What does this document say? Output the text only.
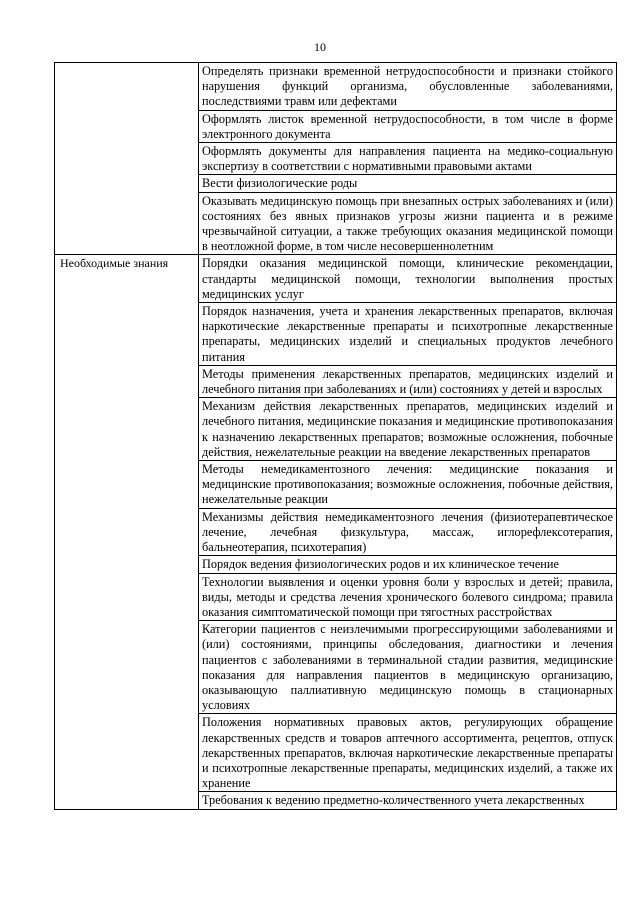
10

	Определять признаки временной нетрудоспособности и признаки стойкого нарушения функций организма, обусловленные заболеваниями, последствиями травм или дефектами

	Оформлять листок временной нетрудоспособности, в том числе в форме электронного документа

	Оформлять документы для направления пациента на медико-социальную экспертизу в соответствии с нормативными правовыми актами

	Вести физиологические роды

	Оказывать медицинскую помощь при внезапных острых заболеваниях и (или) состояниях без явных признаков угрозы жизни пациента и в режиме чрезвычайной ситуации, а также требующих оказания медицинской помощи в неотложной форме, в том числе несовершеннолетним

Необходимые знания	Порядки оказания медицинской помощи, клинические рекомендации, стандарты медицинской помощи, технологии выполнения простых медицинских услуг

	Порядок назначения, учета и хранения лекарственных препаратов, включая наркотические лекарственные препараты и психотропные лекарственные препараты, медицинских изделий и специальных продуктов лечебного питания

	Методы применения лекарственных препаратов, медицинских изделий и лечебного питания при заболеваниях и (или) состояниях у детей и взрослых

	Механизм действия лекарственных препаратов, медицинских изделий и лечебного питания, медицинские показания и медицинские противопоказания к назначению лекарственных препаратов; возможные осложнения, побочные действия, нежелательные реакции на введение лекарственных препаратов

	Методы немедикаментозного лечения: медицинские показания и медицинские противопоказания; возможные осложнения, побочные действия, нежелательные реакции

	Механизмы действия немедикаментозного лечения (физиотерапевтическое лечение, лечебная физкультура, массаж, иглорефлексотерапия, бальнеотерапия, психотерапия)

	Порядок ведения физиологических родов и их клиническое течение

	Технологии выявления и оценки уровня боли у взрослых и детей; правила, виды, методы и средства лечения хронического болевого синдрома; правила оказания симптоматической помощи при тягостных расстройствах

	Категории пациентов с неизлечимыми прогрессирующими заболеваниями и (или) состояниями, принципы обследования, диагностики и лечения пациентов с заболеваниями в терминальной стадии развития, медицинские показания для направления пациентов в медицинскую организацию, оказывающую паллиативную медицинскую помощь в стационарных условиях

	Положения нормативных правовых актов, регулирующих обращение лекарственных средств и товаров аптечного ассортимента, рецептов, отпуск лекарственных препаратов, включая наркотические лекарственные препараты и психотропные лекарственные препараты, медицинских изделий, а также их хранение

	Требования к ведению предметно-количественного учета лекарственных
